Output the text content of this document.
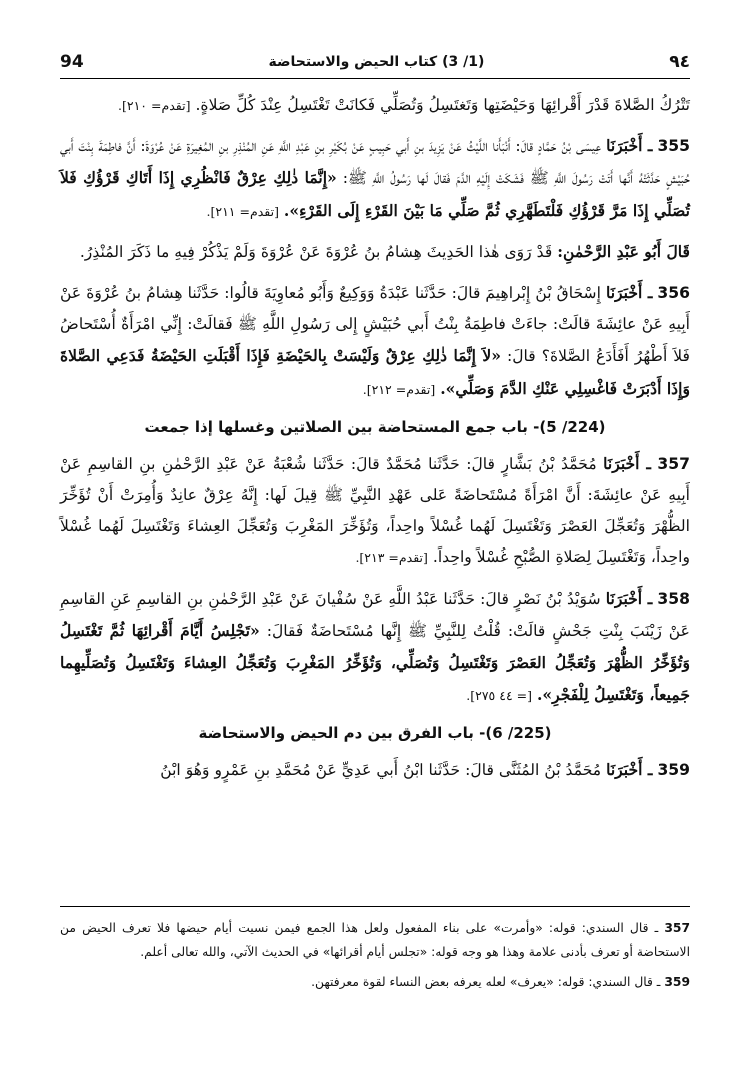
٩٤
(1/ 3) كتاب الحيض والاستحاضة
94

تَتْرُكُ الصَّلاةَ قَدْرَ أَقْرائِهَا وَحَيْضَتِها وَتَغتَسِلُ وَتُصَلِّي فَكانَتْ تَغْتَسِلُ عِنْدَ كُلِّ صَلاةٍ. [تقدم= ٢١٠].

355 ـ أَخْبَرَنَا عِيسَى بْنُ حَمَّادٍ قالَ: أَنْبَأَنا اللَّيْثُ عَنْ يَزِيدَ بنِ أَبي حَبِيبٍ عَنْ بُكَيْرِ بنِ عَبْدِ اللَّهِ عَنِ المُنْذِرِ بنِ المُغِيرَةِ عَنْ عُرْوَةَ: أَنَّ فاطِمَةَ بِنْتَ أَبي حُبَيْشٍ حَدَّثَتْهُ أَنَّها أَتَتْ رَسُولَ اللَّهِ ﷺ فَشَكَتْ إِلَيْهِ الدَّمَ فَقالَ لَها رَسُولُ اللَّهِ ﷺ: «إِنَّمَا ذٰلِكِ عِرْقٌ فَانْظُرِي إِذَا أَتَاكِ قَرْؤُكِ فَلاَ تُصَلِّي إِذَا مَرَّ قَرْؤُكِ فَلْتَطَهَّرِي ثُمَّ صَلِّي مَا بَيْنَ القَرْءِ إِلَى القَرْءِ». [تقدم= ٢١١].

قَالَ أَبُو عَبْدِ الرَّحْمٰنِ: قَدْ رَوَى هٰذا الحَدِيثَ هِشامُ بنُ عُرْوَةَ عَنْ عُرْوَةَ وَلَمْ يَذْكُرْ فِيهِ ما ذَكَرَ المُنْذِرُ.

356 ـ أَخْبَرَنَا إِسْحَاقُ بْنُ إِبْراهِيمَ قالَ: حَدَّثَنا عَبْدَةُ وَوَكِيعٌ وَأَبُو مُعاوِيَةَ قالُوا: حَدَّثَنا هِشامُ بنُ عُرْوَةَ عَنْ أَبِيهِ عَنْ عائِشَةَ قالَتْ: جاءَتْ فاطِمَةُ بِنْتُ أَبي حُبَيْشٍ إِلى رَسُولِ اللَّهِ ﷺ فَقالَتْ: إِنِّي امْرَأَةٌ أُسْتَحاضُ فَلاَ أَطْهُرُ أَفَأَدَعُ الصَّلاةَ؟ قالَ: «لاَ إِنَّمَا ذٰلِكِ عِرْقٌ وَلَيْسَتْ بِالحَيْضَةِ فَإِذَا أَقْبَلَتِ الحَيْضَةُ فَدَعِي الصَّلاةَ وَإِذَا أَدْبَرَتْ فَاغْسِلِي عَنْكِ الدَّمَ وَصَلِّي». [تقدم= ٢١٢].

(224/ 5)- باب جمع المستحاضة بين الصلاتين وغسلها إذا جمعت

357 ـ أَخْبَرَنَا مُحَمَّدُ بْنُ بَشَّارٍ قالَ: حَدَّثَنا مُحَمَّدٌ قالَ: حَدَّثَنا شُعْبَةُ عَنْ عَبْدِ الرَّحْمٰنِ بنِ القاسِمِ عَنْ أَبِيهِ عَنْ عائِشَةَ: أَنَّ امْرَأَةً مُسْتَحاضَةً عَلى عَهْدِ النَّبِيِّ ﷺ قِيلَ لَها: إِنَّهُ عِرْقٌ عانِدٌ وَأُمِرَتْ أَنْ تُؤَخِّرَ الظُّهْرَ وَتُعَجِّلَ العَصْرَ وَتَغْتَسِلَ لَهُما غُسْلاً واحِداً، وَتُؤَخِّرَ المَغْرِبَ وَتُعَجِّلَ العِشاءَ وَتَغْتَسِلَ لَهُما غُسْلاً واحِداً، وَتَغْتَسِلَ لِصَلاةِ الصُّبْحِ غُسْلاً واحِداً. [تقدم= ٢١٣].

358 ـ أَخْبَرَنَا سُوَيْدُ بْنُ نَصْرٍ قالَ: حَدَّثَنا عَبْدُ اللَّهِ عَنْ سُفْيانَ عَنْ عَبْدِ الرَّحْمٰنِ بنِ القاسِمِ عَنِ القاسِمِ عَنْ زَيْنَبَ بِنْتِ جَحْشٍ قالَتْ: قُلْتُ لِلنَّبِيِّ ﷺ إِنَّها مُسْتَحاضَةٌ فَقالَ: «تَجْلِسُ أَيَّامَ أَقْرائِهَا ثُمَّ تَغْتَسِلُ وَتُؤَخِّرُ الظُّهْرَ وَتُعَجِّلُ العَصْرَ وَتَغْتَسِلُ وَتُصَلِّي، وَتُؤَخِّرُ المَغْرِبَ وَتُعَجِّلُ العِشاءَ وَتَغْتَسِلُ وَتُصَلِّيهِما جَمِيعاً، وَتَغْتَسِلُ لِلْفَجْرِ». [= ٤٤ ٢٧٥].

(225/ 6)- باب الفرق بين دم الحيض والاستحاضة

359 ـ أَخْبَرَنَا مُحَمَّدُ بْنُ المُثَنَّى قالَ: حَدَّثَنا ابْنُ أَبي عَدِيٍّ عَنْ مُحَمَّدِ بنِ عَمْرٍو وَهُوَ ابْنُ

357 ـ قال السندي: قوله: «وأمرت» على بناء المفعول ولعل هذا الجمع فيمن نسيت أيام حيضها فلا تعرف الحيض من الاستحاضة أو تعرف بأدنى علامة وهذا هو وجه قوله: «تجلس أيام أقرائها» في الحديث الآتي، والله تعالى أعلم.

359 ـ قال السندي: قوله: «يعرف» لعله يعرفه بعض النساء لقوة معرفتهن.
